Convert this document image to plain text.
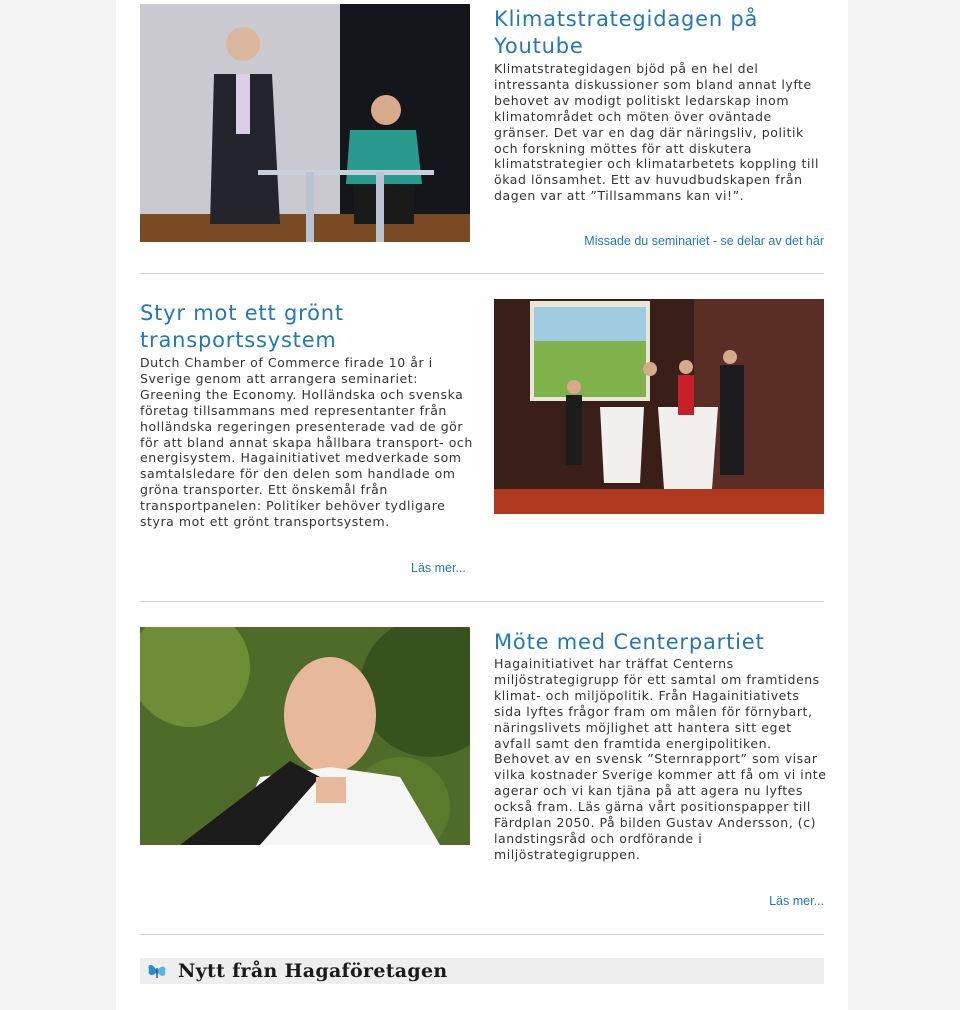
Klimatstrategidagen på Youtube

Klimatstrategidagen bjöd på en hel del intressanta diskussioner som bland annat lyfte behovet av modigt politiskt ledarskap inom klimatområdet och möten över oväntade gränser. Det var en dag där näringsliv, politik och forskning möttes för att diskutera klimatstrategier och klimatarbetets koppling till ökad lönsamhet. Ett av huvudbudskapen från dagen var att ”Tillsammans kan vi!”.

Missade du seminariet - se delar av det här
Styr mot ett grönt transportssystem

Dutch Chamber of Commerce firade 10 år i Sverige genom att arrangera seminariet: Greening the Economy. Holländska och svenska företag tillsammans med representanter från holländska regeringen presenterade vad de gör för att bland annat skapa hållbara transport- och energisystem. Hagainitiativet medverkade som samtalsledare för den delen som handlade om gröna transporter. Ett önskemål från transportpanelen: Politiker behöver tydligare styra mot ett grönt transportsystem.

Läs mer...
Möte med Centerpartiet

Hagainitiativet har träffat Centerns miljöstrategigrupp för ett samtal om framtidens klimat- och miljöpolitik. Från Hagainitiativets sida lyftes frågor fram om målen för förnybart, näringslivets möjlighet att hantera sitt eget avfall samt den framtida energipolitiken. Behovet av en svensk ”Sternrapport” som visar vilka kostnader Sverige kommer att få om vi inte agerar och vi kan tjäna på att agera nu lyftes också fram. Läs gärna vårt positionspapper till Färdplan 2050. På bilden Gustav Andersson, (c) landstingsråd och ordförande i miljöstrategigruppen.

Läs mer...
Nytt från Hagaföretagen
